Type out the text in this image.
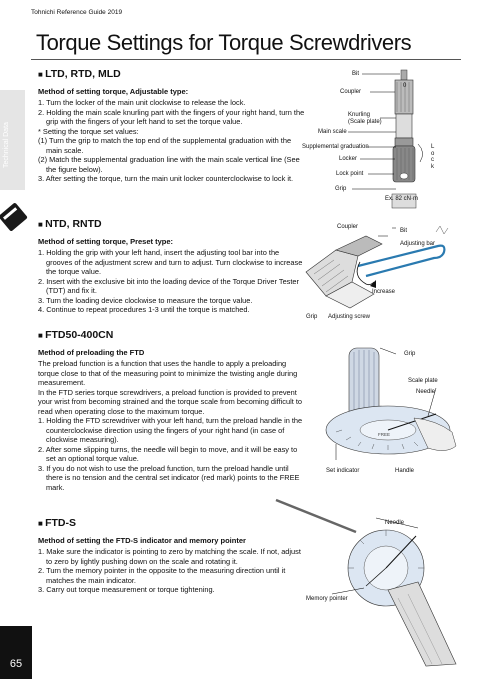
Tohnichi Reference Guide 2019
Torque Settings for Torque Screwdrivers
Technical Data
65
■ LTD, RTD, MLD
Method of setting torque, Adjustable type:
1. Turn the locker of the main unit clockwise to release the lock.
2. Holding the main scale knurling part with the fingers of your right hand, turn the grip with the fingers of your left hand to set the torque value.
* Setting the torque set values:
(1) Turn the grip to match the top end of the supplemental graduation with the main scale.
(2) Match the supplemental graduation line with the main scale vertical line (See the figure below).
3. After setting the torque, turn the main unit locker counterclockwise to lock it.
■ NTD, RNTD
Method of setting torque, Preset type:
1. Holding the grip with your left hand, insert the adjusting tool bar into the grooves of the adjustment screw and turn to adjust. Turn clockwise to increase the torque value.
2. Insert with the exclusive bit into the loading device of the Torque Driver Tester (TDT) and fix it.
3. Turn the loading device clockwise to measure the torque value.
4. Continue to repeat procedures 1-3 until the torque is matched.
■ FTD50-400CN
Method of preloading the FTD

The preload function is a function that uses the handle to apply a preloading torque close to that of the measuring point to minimize the twisting angle during measurement.
In the FTD series torque screwdrivers, a preload function is provided to prevent your wrist from becoming strained and the torque scale from becoming difficult to read when operating close to the maximum torque.

1. Holding the FTD screwdriver with your left hand, turn the preload handle in the counterclockwise direction using the fingers of your right hand (in case of clockwise measuring).
2. After some slipping turns, the needle will begin to move, and it will be easy to set an optional torque value.
3. If you do not wish to use the preload function, turn the preload handle until there is no tension and the central set indicator (red mark) points to the FREE mark.
■ FTD-S
Method of setting the FTD-S indicator and memory pointer
1. Make sure the indicator is pointing to zero by matching the scale. If not, adjust to zero by lightly pushing down on the scale and rotating it.
2. Turn the memory pointer in the opposite to the measuring direction until it matches the main indicator.
3. Carry out torque measurement or torque tightening.
Bit
Coupler
0
Knurling
(Scale plate)
Main scale
Supplemental graduation
Locker
Lock point
Grip
L
o
c
k
Ex. 82 cN·m
Coupler
Bit
Adjusting bar
Increase
Grip Adjusting screw
Grip
Scale plate
Needle
FREE
Set indicator	Handle
Needle
Memory pointer
